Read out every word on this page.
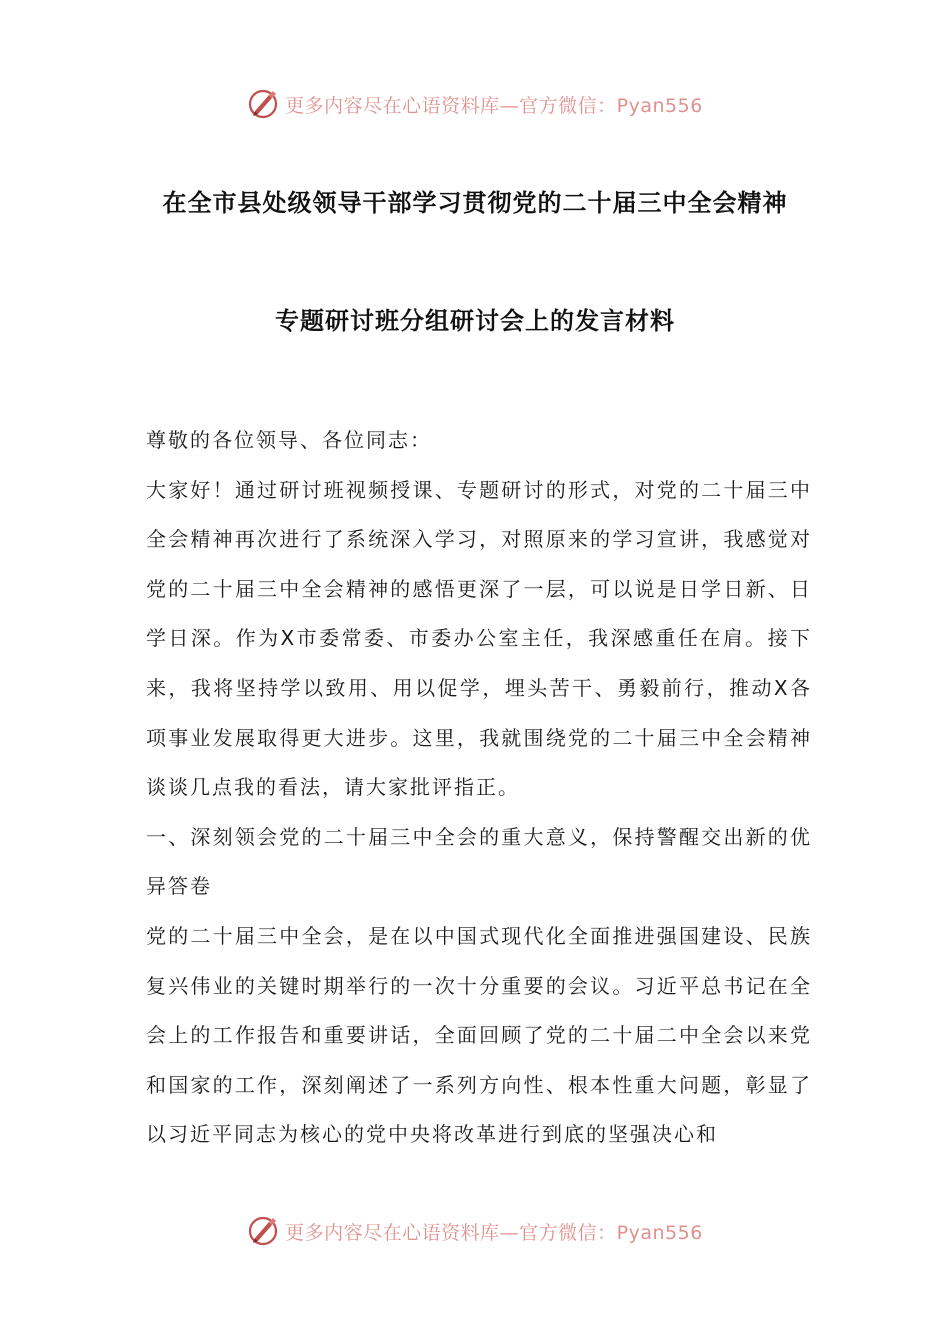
更多内容尽在心语资料库—官方微信：Pyan556
在全市县处级领导干部学习贯彻党的二十届三中全会精神
专题研讨班分组研讨会上的发言材料

尊敬的各位领导、各位同志：

大家好！通过研讨班视频授课、专题研讨的形式，对党的二十届三中全会精神再次进行了系统深入学习，对照原来的学习宣讲，我感觉对党的二十届三中全会精神的感悟更深了一层，可以说是日学日新、日学日深。作为X市委常委、市委办公室主任，我深感重任在肩。接下来，我将坚持学以致用、用以促学，埋头苦干、勇毅前行，推动X各项事业发展取得更大进步。这里，我就围绕党的二十届三中全会精神谈谈几点我的看法，请大家批评指正。

一、深刻领会党的二十届三中全会的重大意义，保持警醒交出新的优异答卷

党的二十届三中全会，是在以中国式现代化全面推进强国建设、民族复兴伟业的关键时期举行的一次十分重要的会议。习近平总书记在全会上的工作报告和重要讲话，全面回顾了党的二十届二中全会以来党和国家的工作，深刻阐述了一系列方向性、根本性重大问题，彰显了以习近平同志为核心的党中央将改革进行到底的坚强决心和

更多内容尽在心语资料库—官方微信：Pyan556
